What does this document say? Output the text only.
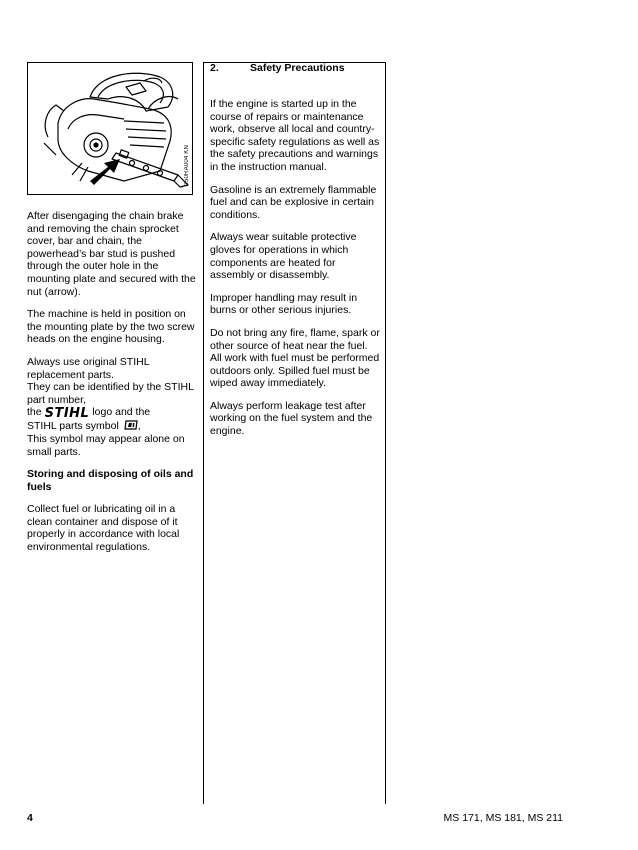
250RA004 KN

After disengaging the chain brake and removing the chain sprocket cover, bar and chain, the powerhead’s bar stud is pushed through the outer hole in the mounting plate and secured with the nut (arrow).

The machine is held in position on the mounting plate by the two screw heads on the engine housing.

Always use original STIHL replacement parts.
They can be identified by the STIHL part number,
the STIHL logo and the
STIHL parts symbol ,
This symbol may appear alone on small parts.

Storing and disposing of oils and fuels

Collect fuel or lubricating oil in a clean container and dispose of it properly in accordance with local environmental regulations.

2.	Safety Precautions

If the engine is started up in the course of repairs or maintenance work, observe all local and country-specific safety regulations as well as the safety precautions and warnings in the instruction manual.

Gasoline is an extremely flammable fuel and can be explosive in certain conditions.

Always wear suitable protective gloves for operations in which components are heated for assembly or disassembly.

Improper handling may result in burns or other serious injuries.

Do not bring any fire, flame, spark or other source of heat near the fuel. All work with fuel must be performed outdoors only. Spilled fuel must be wiped away immediately.

Always perform leakage test after working on the fuel system and the engine.

4	MS 171, MS 181, MS 211
